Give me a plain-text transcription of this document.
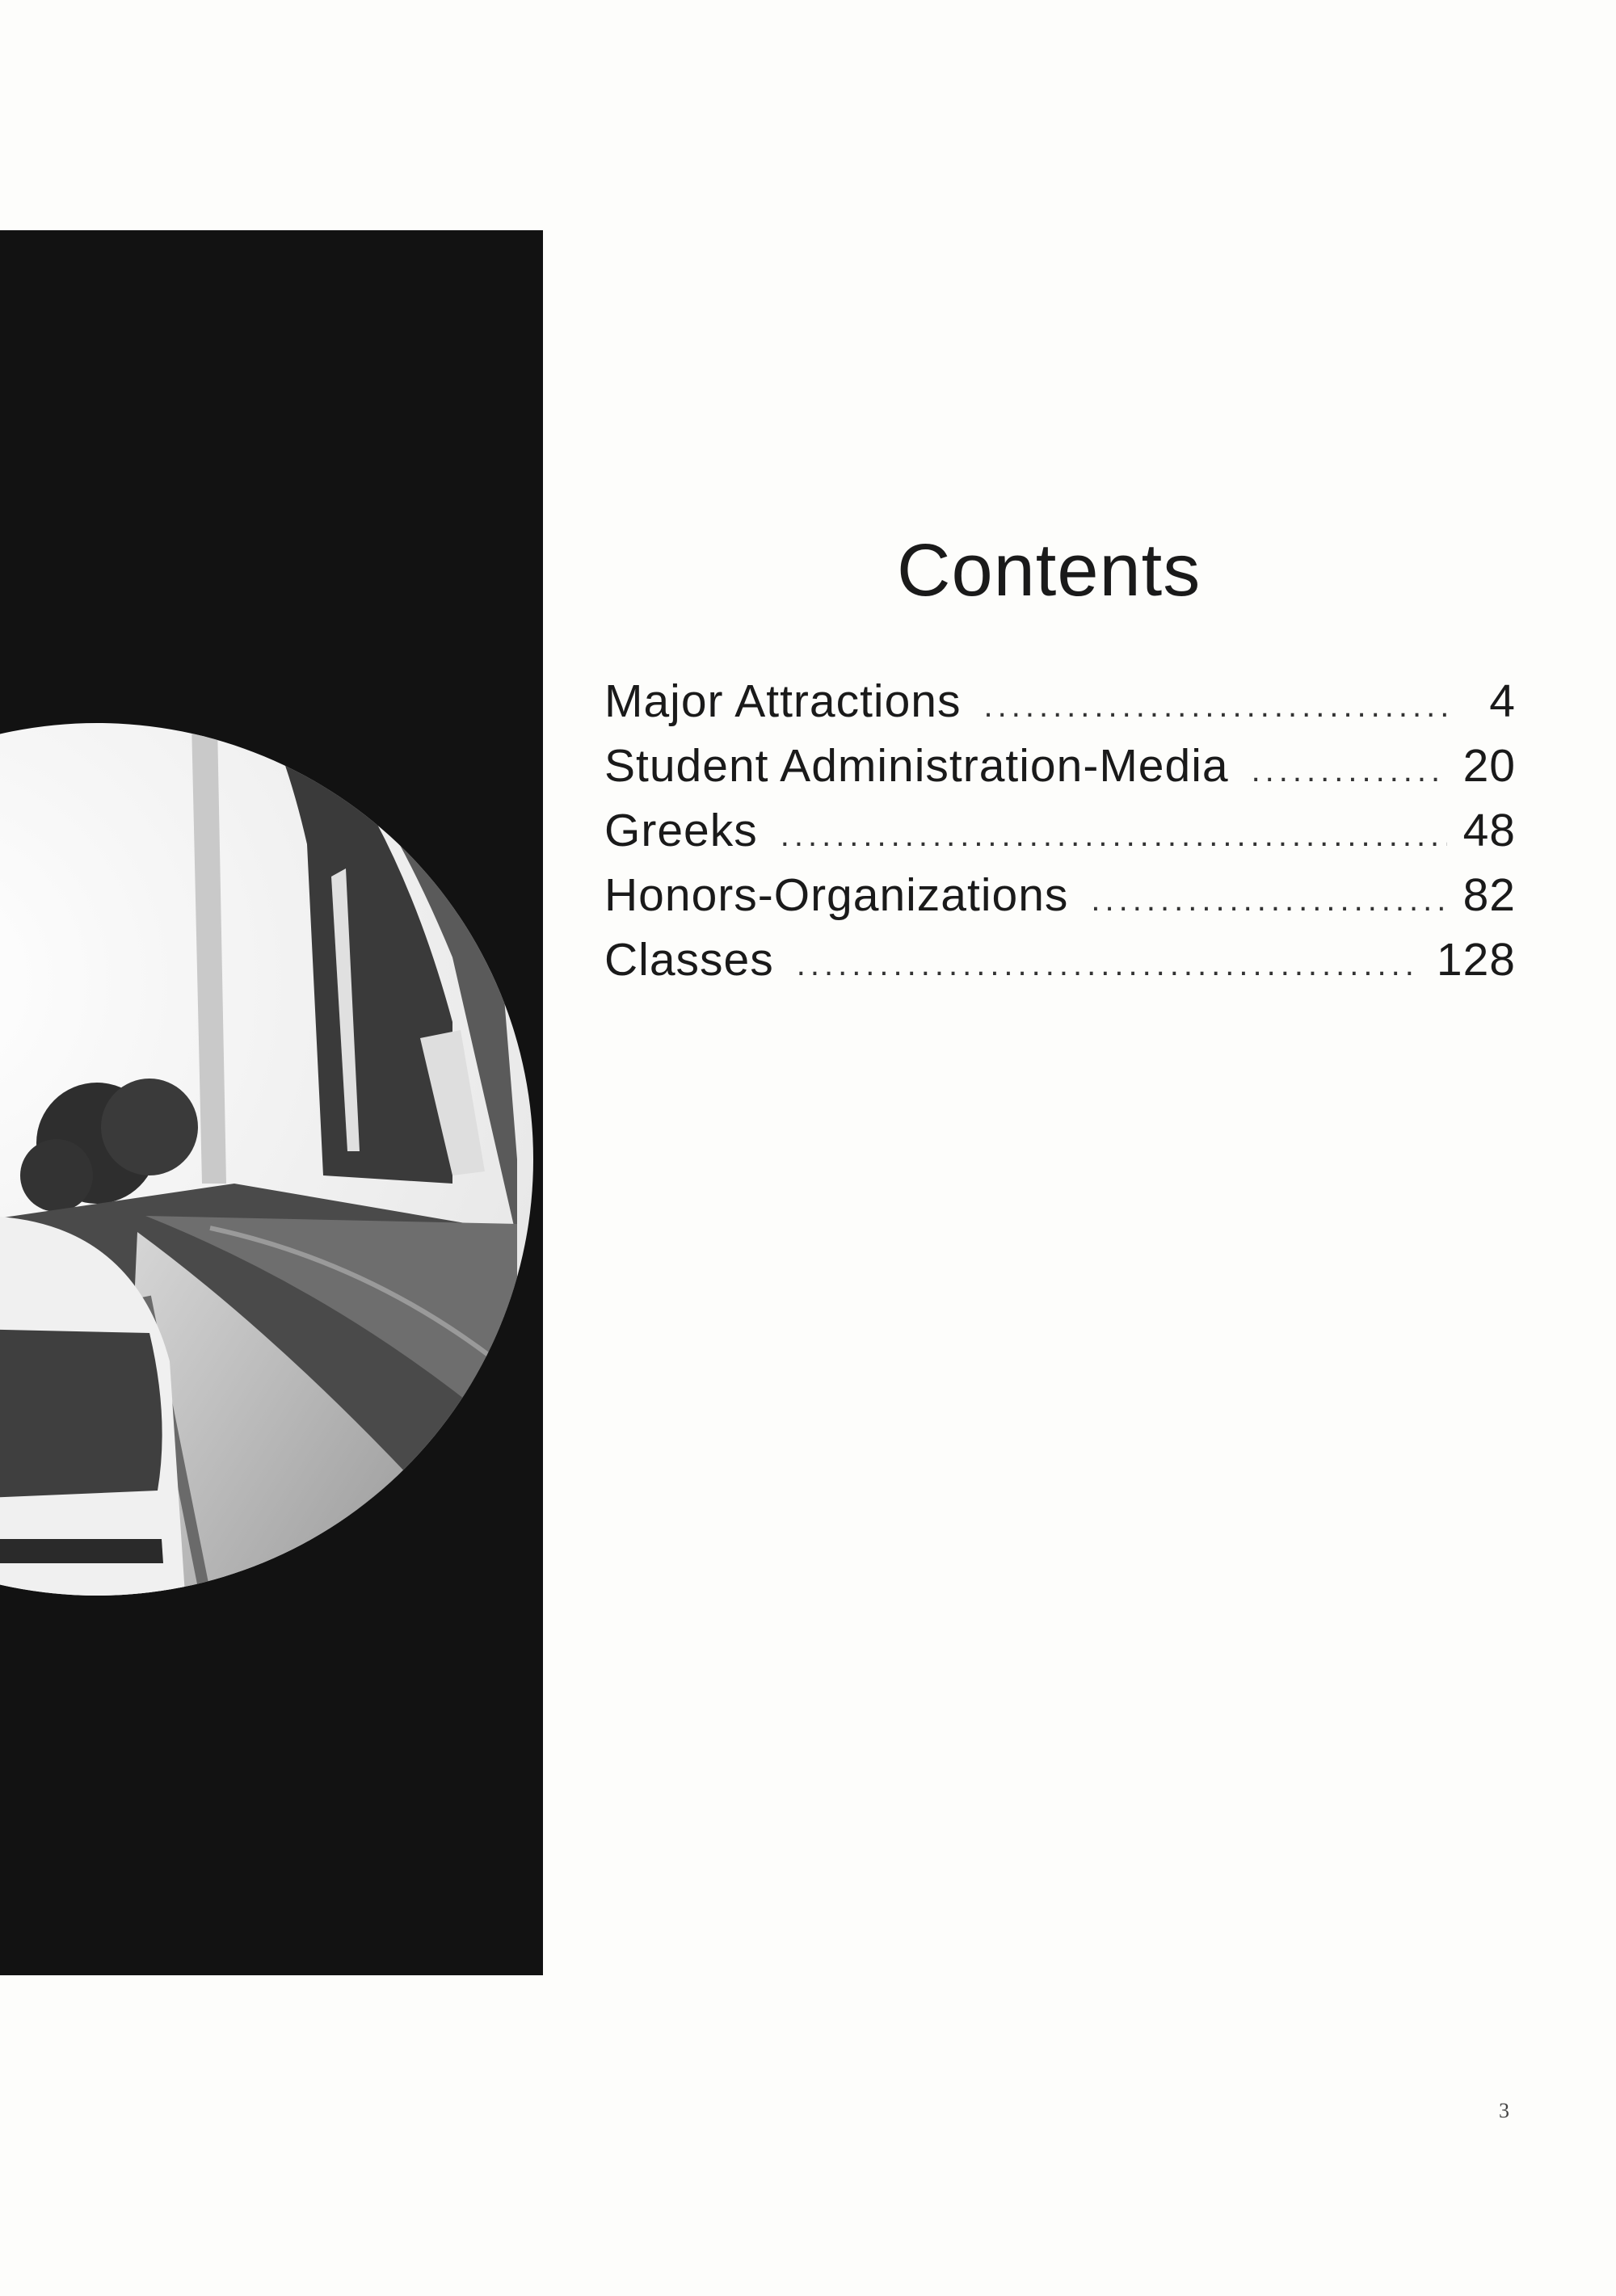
Contents
Major Attractions .....	4
Student Administration-Media .....	20
Greeks .....	48
Honors-Organizations .....	82
Classes .....	128
3
